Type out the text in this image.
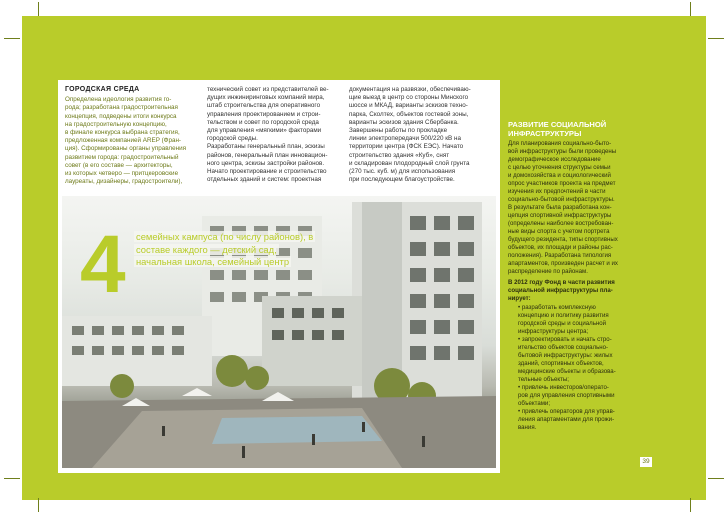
ГОРОДСКАЯ СРЕДА

Определена идеология развития го-
рода; разработана градостроительная
концепция, подведены итоги конкурса
на градостроительную концепцию,
в финале конкурса выбрана стратегия,
предложенная компанией AREP (Фран-
ция). Сформированы органы управления
развитием города: градостроительный
совет (в его составе — архитекторы,
из которых четверо — притцкеровские
лауреаты, дизайнеры, градостроители),

технический совет из представителей ве-
дущих инжиниринговых компаний мира,
штаб строительства для оперативного
управления проектированием и строи-
тельством и совет по городской среда
для управления «мягкими» факторами
городской среды.
Разработаны генеральный план, эскизы
районов, генеральный план инновацион-
ного центра, эскизы застройки районов.
Начато проектирование и строительство
отдельных зданий и систем: проектная

документация на развязки, обеспечиваю-
щие выезд в центр со стороны Минского
шоссе и МКАД, варианты эскизов техно-
парка, Сколтех, объектов гостевой зоны,
варианты эскизов здания Сбербанка.
Завершены работы по прокладке
линии электропередачи 500/220 кВ на
территории центра (ФСК ЕЭС). Начато
строительство здания «Куб», снят
и складирован плодородный слой грунта
(270 тыс. куб. м) для использования
при последующем благоустройстве.

4 семейных кампуса (по числу районов), в составе каждого — детский сад, начальная школа, семейный центр

РАЗВИТИЕ СОЦИАЛЬНОЙ
ИНФРАСТРУКТУРЫ

Для планирования социально-быто-
вой инфраструктуры были проведены
демографическое исследование
с целью уточнения структуры семьи
и домохозяйства и социологический
опрос участников проекта на предмет
изучения их предпочтений в части
социально-бытовой инфраструктуры.
В результате была разработана кон-
цепция спортивной инфраструктуры
(определены наиболее востребован-
ные виды спорта с учетом портрета
будущего резидента, типы спортивных
объектов, их площади и районы рас-
положения). Разработана типология
апартаментов, произведен расчет и их
распределение по районам.

В 2012 году Фонд в части развития
социальной инфраструктуры пла-
нирует:

• разработать комплексную
концепцию и политику развития
городской среды и социальной
инфраструктуры центра;

• запроектировать и начать стро-
ительство объектов социально-
бытовой инфраструктуры: жилых
зданий, спортивных объектов,
медицинские объекты и образова-
тельные объекты;

• привлечь инвесторов/операто-
ров для управления спортивными
объектами;

• привлечь операторов для управ-
ления апартаментами для прожи-
вания.

39
